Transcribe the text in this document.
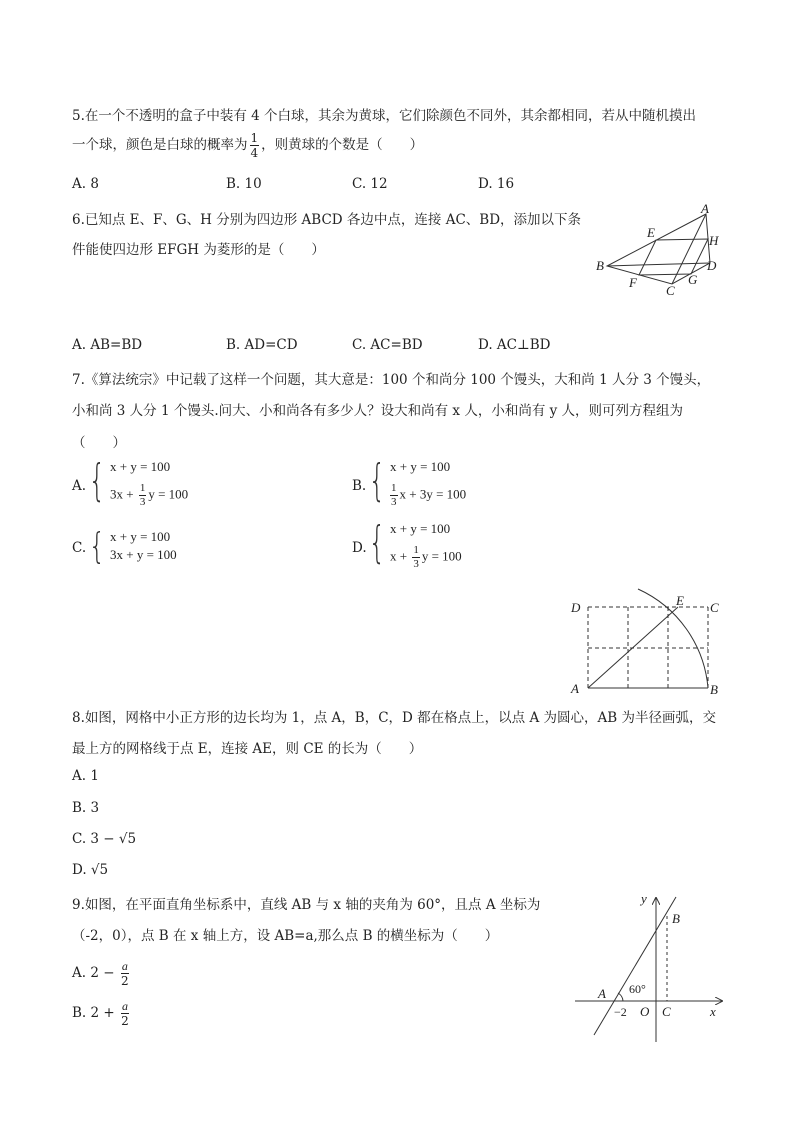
5.在一个不透明的盒子中装有 4 个白球，其余为黄球，它们除颜色不同外，其余都相同，若从中随机摸出
一个球，颜色是白球的概率为 $\frac{1}{4}$ ，则黄球的个数是（　　）
A. 8	B. 10	C. 12	D. 16
6.已知点 E、F、G、H 分别为四边形 ABCD 各边中点，连接 AC、BD，添加以下条
件能使四边形 EFGH 为菱形的是（　　）
A
E
H
B	D
F
C
G
A. AB=BD	B. AD=CD	C. AC=BD	D. AC⊥BD
7.《算法统宗》中记载了这样一个问题，其大意是：100 个和尚分 100 个馒头，大和尚 1 人分 3 个馒头，
小和尚 3 人分 1 个馒头.问大、小和尚各有多少人？设大和尚有 x 人，小和尚有 y 人，则可列方程组为
（　　）
A. { x + y = 100
$3x + \frac{1}{3}$ y = 100	B. { x + y = 100
$\frac{1}{3}$ x + 3y = 100
C. { x + y = 100
3x + y = 100	D. { x + y = 100
$x + \frac{1}{3}$ y = 100
D	E C
A	B
8.如图，网格中小正方形的边长均为 1，点 A，B，C，D 都在格点上，以点 A 为圆心，AB 为半径画弧，交
最上方的网格线于点 E，连接 AE，则 CE 的长为（　　）
A. 1
B. 3
C. 3 − √5
D. √5
9.如图，在平面直角坐标系中，直线 AB 与 x 轴的夹角为 60°，且点 A 坐标为
（-2，0），点 B 在 x 轴上方，设 AB=a,那么点 B 的横坐标为（　　）
A. $2 - \frac{a}{2}$
B. $2 + \frac{a}{2}$
y
B
A 60°
−2 O C	x
